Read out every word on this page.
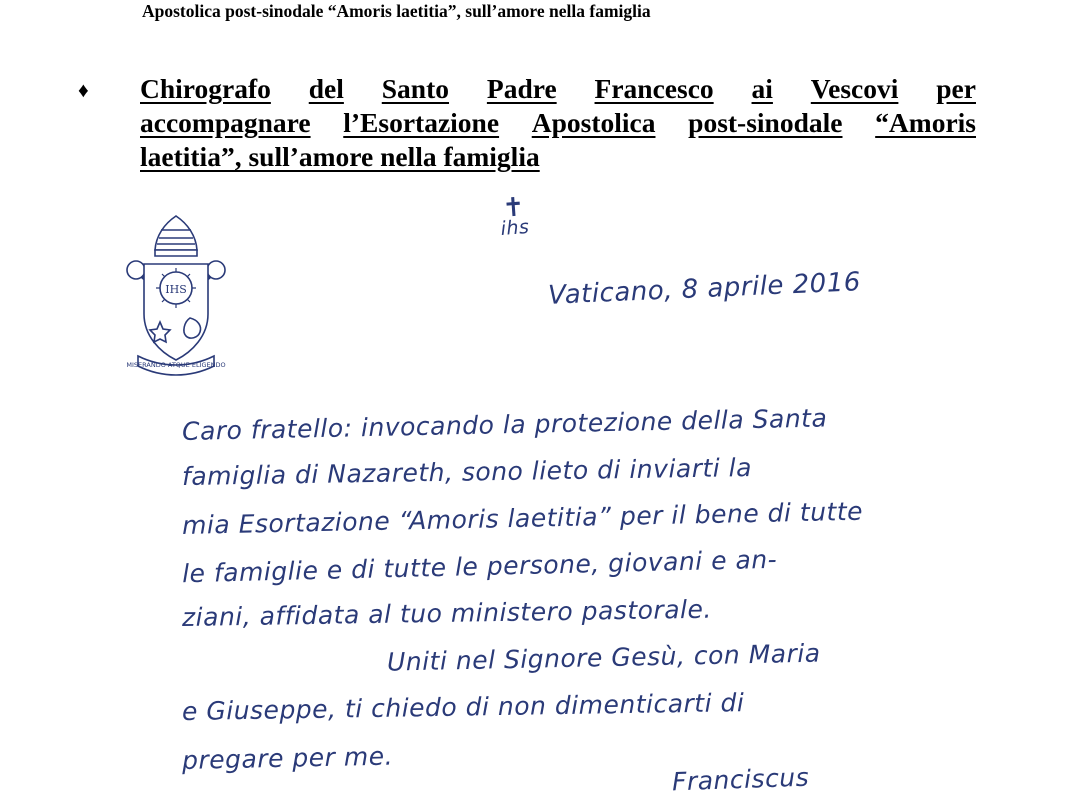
Apostolica post-sinodale “Amoris laetitia”, sull’amore nella famiglia
♦ Chirografo del Santo Padre Francesco ai Vescovi per
accompagnare l’Esortazione Apostolica post-sinodale “Amoris
laetitia”, sull’amore nella famiglia
IHS
MISERANDO ATQUE ELIGENDO
✝
ihs
Vaticano, 8 aprile 2016
Caro fratello: invocando la protezione della Santa
famiglia di Nazareth, sono lieto di inviarti la
mia Esortazione “Amoris laetitia” per il bene di tutte
le famiglie e di tutte le persone, giovani e an-
ziani, affidata al tuo ministero pastorale.
Uniti nel Signore Gesù, con Maria
e Giuseppe, ti chiedo di non dimenticarti di
pregare per me.
Franciscus
